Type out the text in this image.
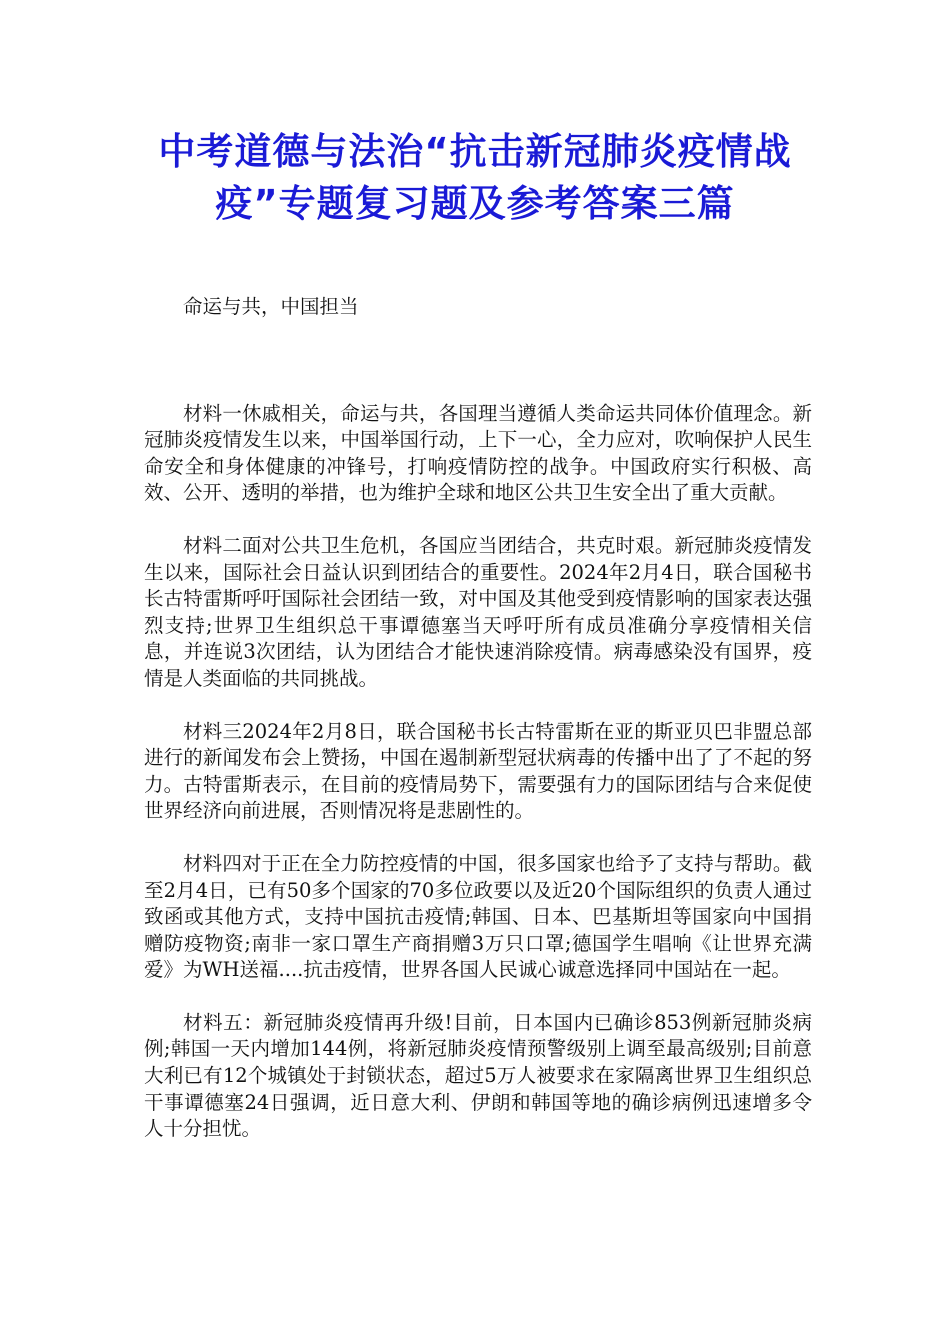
中考道德与法治“抗击新冠肺炎疫情战疫”专题复习题及参考答案三篇

命运与共，中国担当

材料一休戚相关，命运与共，各国理当遵循人类命运共同体价值理念。新冠肺炎疫情发生以来，中国举国行动，上下一心，全力应对，吹响保护人民生命安全和身体健康的冲锋号，打响疫情防控的战争。中国政府实行积极、高效、公开、透明的举措，也为维护全球和地区公共卫生安全出了重大贡献。

材料二面对公共卫生危机，各国应当团结合，共克时艰。新冠肺炎疫情发生以来，国际社会日益认识到团结合的重要性。2024年2月4日，联合国秘书长古特雷斯呼吁国际社会团结一致，对中国及其他受到疫情影响的国家表达强烈支持;世界卫生组织总干事谭德塞当天呼吁所有成员准确分享疫情相关信息，并连说3次团结，认为团结合才能快速消除疫情。病毒感染没有国界，疫情是人类面临的共同挑战。

材料三2024年2月8日，联合国秘书长古特雷斯在亚的斯亚贝巴非盟总部进行的新闻发布会上赞扬，中国在遏制新型冠状病毒的传播中出了了不起的努力。古特雷斯表示，在目前的疫情局势下，需要强有力的国际团结与合来促使世界经济向前进展，否则情况将是悲剧性的。

材料四对于正在全力防控疫情的中国，很多国家也给予了支持与帮助。截至2月4日，已有50多个国家的70多位政要以及近20个国际组织的负责人通过致函或其他方式，支持中国抗击疫情;韩国、日本、巴基斯坦等国家向中国捐赠防疫物资;南非一家口罩生产商捐赠3万只口罩;德国学生唱响《让世界充满爱》为WH送福....抗击疫情，世界各国人民诚心诚意选择同中国站在一起。

材料五：新冠肺炎疫情再升级!目前，日本国内已确诊853例新冠肺炎病例;韩国一天内增加144例，将新冠肺炎疫情预警级别上调至最高级别;目前意大利已有12个城镇处于封锁状态，超过5万人被要求在家隔离世界卫生组织总干事谭德塞24日强调，近日意大利、伊朗和韩国等地的确诊病例迅速增多令人十分担忧。
